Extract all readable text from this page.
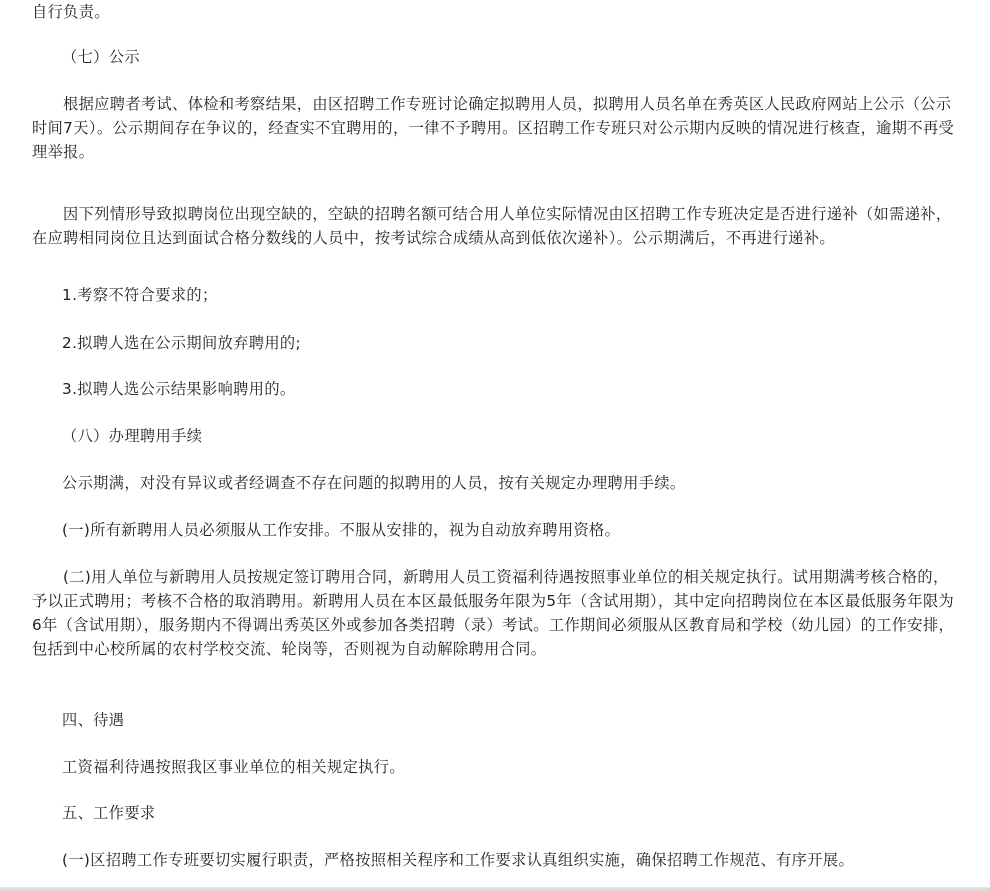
自行负责。

（七）公示

根据应聘者考试、体检和考察结果，由区招聘工作专班讨论确定拟聘用人员，拟聘用人员名单在秀英区人民政府网站上公示（公示时间7天）。公示期间存在争议的，经查实不宜聘用的，一律不予聘用。区招聘工作专班只对公示期内反映的情况进行核查，逾期不再受理举报。

因下列情形导致拟聘岗位出现空缺的，空缺的招聘名额可结合用人单位实际情况由区招聘工作专班决定是否进行递补（如需递补，在应聘相同岗位且达到面试合格分数线的人员中，按考试综合成绩从高到低依次递补）。公示期满后，不再进行递补。

1.考察不符合要求的；

2.拟聘人选在公示期间放弃聘用的;

3.拟聘人选公示结果影响聘用的。

（八）办理聘用手续

公示期满，对没有异议或者经调查不存在问题的拟聘用的人员，按有关规定办理聘用手续。

(一)所有新聘用人员必须服从工作安排。不服从安排的，视为自动放弃聘用资格。

(二)用人单位与新聘用人员按规定签订聘用合同，新聘用人员工资福利待遇按照事业单位的相关规定执行。试用期满考核合格的，予以正式聘用；考核不合格的取消聘用。新聘用人员在本区最低服务年限为5年（含试用期），其中定向招聘岗位在本区最低服务年限为6年（含试用期），服务期内不得调出秀英区外或参加各类招聘（录）考试。工作期间必须服从区教育局和学校（幼儿园）的工作安排，包括到中心校所属的农村学校交流、轮岗等，否则视为自动解除聘用合同。

四、待遇

工资福利待遇按照我区事业单位的相关规定执行。

五、工作要求

(一)区招聘工作专班要切实履行职责，严格按照相关程序和工作要求认真组织实施，确保招聘工作规范、有序开展。
